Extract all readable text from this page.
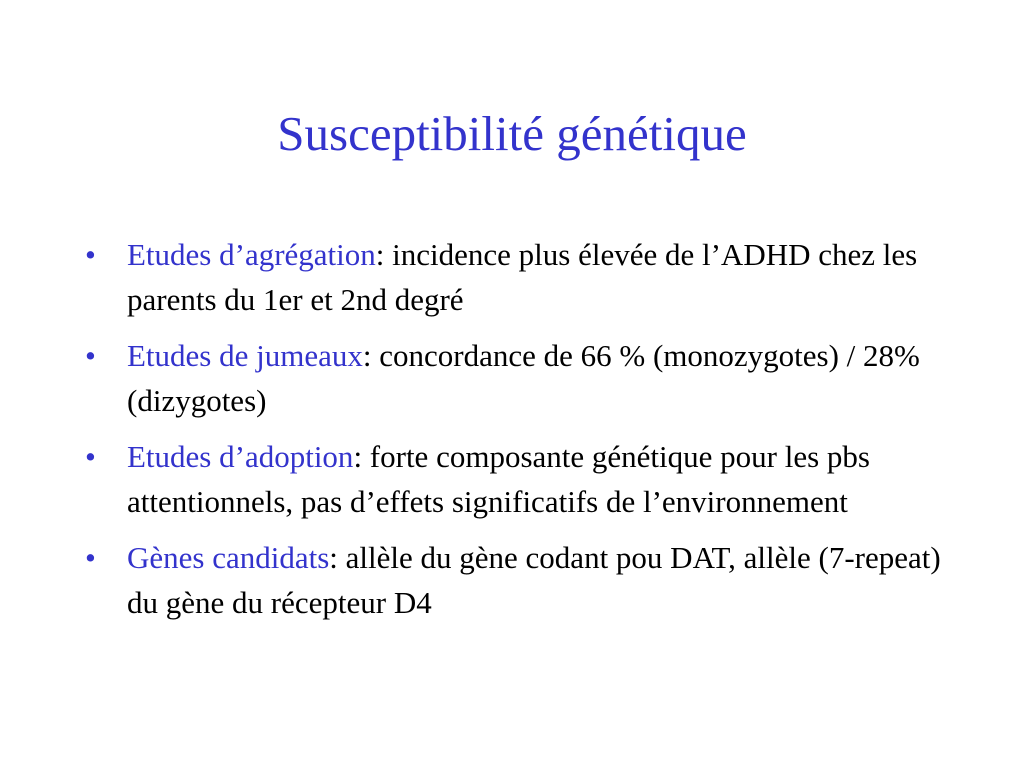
Susceptibilité génétique
• Etudes d’agrégation: incidence plus élevée de l’ADHD chez les parents du 1er et 2nd degré
• Etudes de jumeaux: concordance de 66 % (monozygotes) / 28% (dizygotes)
• Etudes d’adoption: forte composante génétique pour les pbs attentionnels, pas d’effets significatifs de l’environnement
• Gènes candidats: allèle du gène codant pou DAT, allèle (7-repeat) du gène du récepteur D4
